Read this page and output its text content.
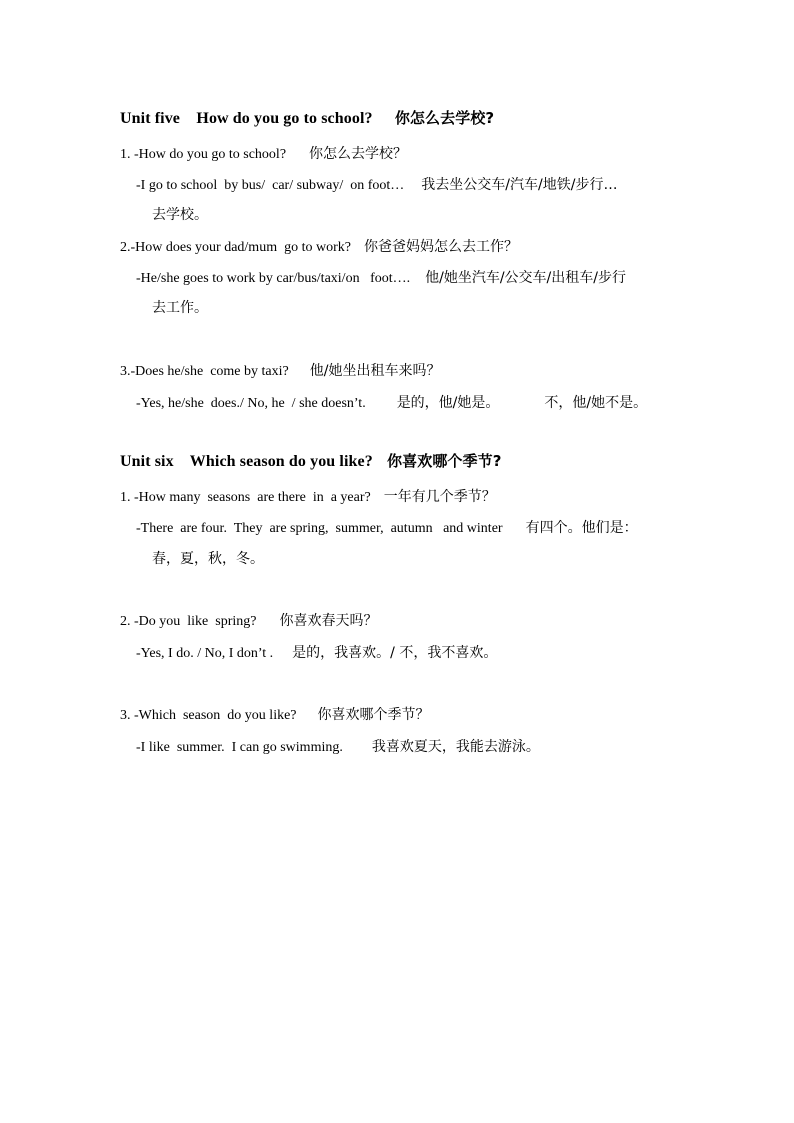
Unit five    How do you go to school? 你怎么去学校?
1. -How do you go to school? 你怎么去学校？
-I go to school  by bus/  car/ subway/  on foot… 我去坐公交车/汽车/地铁/步行…
去学校。
2.-How does your dad/mum  go to work? 你爸爸妈妈怎么去工作？
-He/she goes to work by car/bus/taxi/on   foot…. 他/她坐汽车/公交车/出租车/步行
去工作。
3.-Does he/she  come by taxi? 他/她坐出租车来吗？
-Yes, he/she  does./ No, he  / she doesn’t. 是的，他/她是。	不，他/她不是。
Unit six    Which season do you like? 你喜欢哪个季节?
1. -How many  seasons  are there  in  a year? 一年有几个季节？
-There  are four.  They  are spring,  summer,  autumn   and winter 有四个。他们是：
春，夏，秋，冬。
2. -Do you  like  spring? 你喜欢春天吗？
-Yes, I do. / No, I don’t . 是的，我喜欢。/ 不，我不喜欢。
3. -Which  season  do you like? 你喜欢哪个季节？
-I like  summer.  I can go swimming. 我喜欢夏天，我能去游泳。
